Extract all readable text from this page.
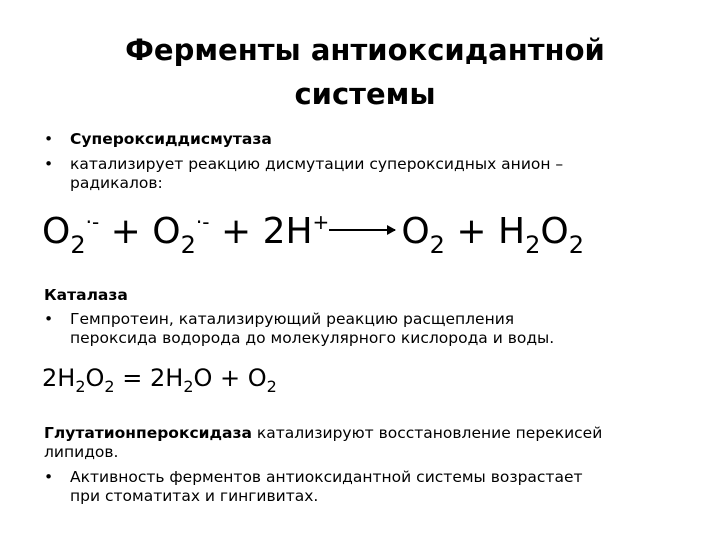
Ферменты антиоксидантной
системы
• Супероксиддисмутаза
• катализирует реакцию дисмутации супероксидных анион –
радикалов:
$O_2^{\cdot-} + O_2^{\cdot-} + 2H^+\to O_2 + H_2O_2$
Каталаза
• Гемпротеин, катализирующий реакцию расщепления
пероксида водорода до молекулярного кислорода и воды.
$2H_2O_2 = 2H_2O + O_2$
Глутатионпероксидаза катализируют восстановление перекисей
липидов.
• Активность ферментов антиоксидантной системы возрастает
при стоматитах и гингивитах.
